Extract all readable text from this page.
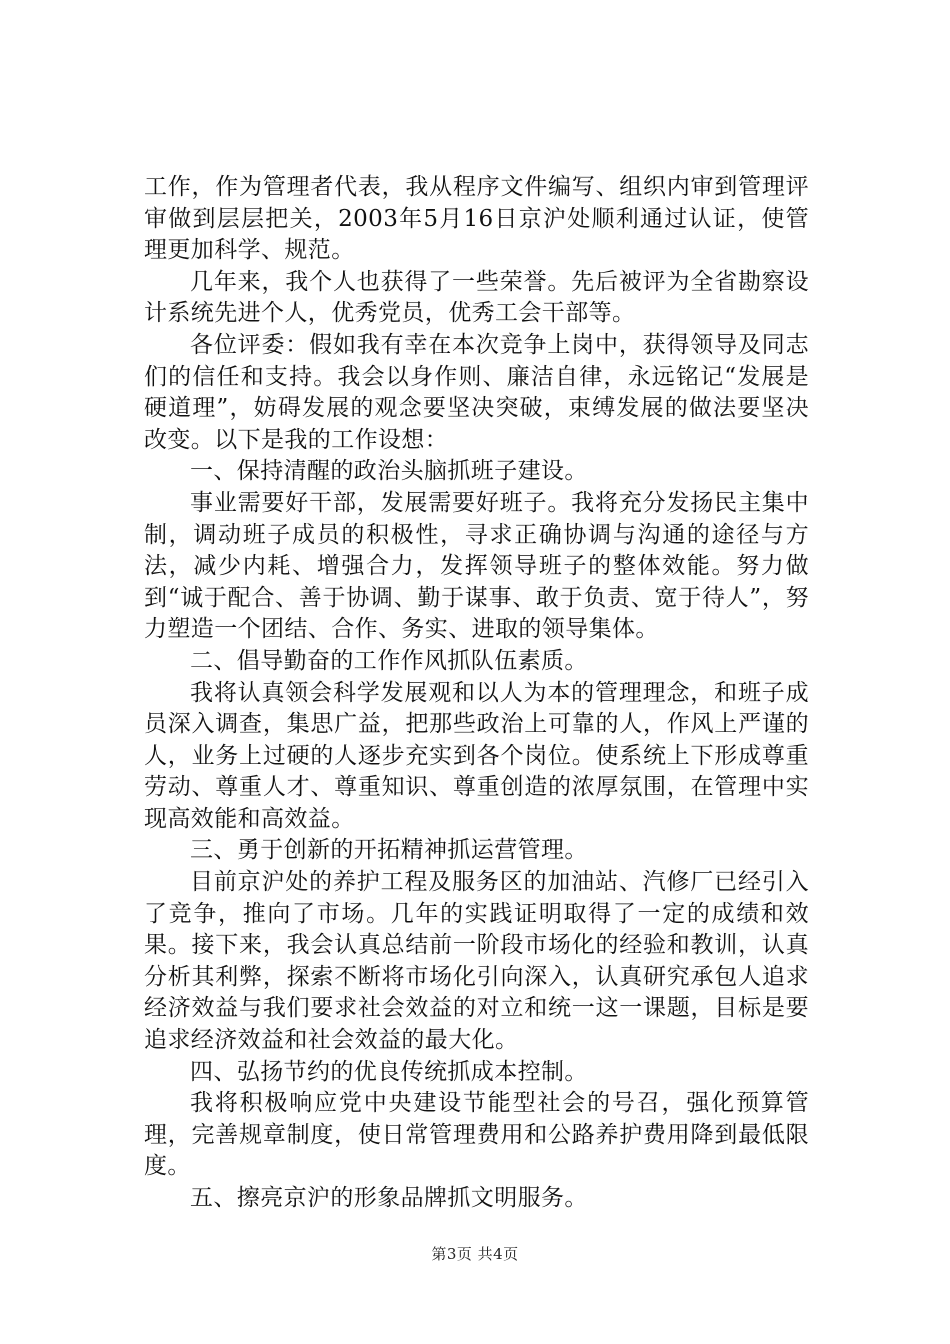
工作，作为管理者代表，我从程序文件编写、组织内审到管理评审做到层层把关，2003年5月16日京沪处顺利通过认证，使管理更加科学、规范。

几年来，我个人也获得了一些荣誉。先后被评为全省勘察设计系统先进个人，优秀党员，优秀工会干部等。

各位评委：假如我有幸在本次竞争上岗中，获得领导及同志们的信任和支持。我会以身作则、廉洁自律，永远铭记“发展是硬道理”，妨碍发展的观念要坚决突破，束缚发展的做法要坚决改变。以下是我的工作设想：

一、保持清醒的政治头脑抓班子建设。

事业需要好干部，发展需要好班子。我将充分发扬民主集中制，调动班子成员的积极性，寻求正确协调与沟通的途径与方法，减少内耗、增强合力，发挥领导班子的整体效能。努力做到“诚于配合、善于协调、勤于谋事、敢于负责、宽于待人”，努力塑造一个团结、合作、务实、进取的领导集体。

二、倡导勤奋的工作作风抓队伍素质。

我将认真领会科学发展观和以人为本的管理理念，和班子成员深入调查，集思广益，把那些政治上可靠的人，作风上严谨的人，业务上过硬的人逐步充实到各个岗位。使系统上下形成尊重劳动、尊重人才、尊重知识、尊重创造的浓厚氛围，在管理中实现高效能和高效益。

三、勇于创新的开拓精神抓运营管理。

目前京沪处的养护工程及服务区的加油站、汽修厂已经引入了竞争，推向了市场。几年的实践证明取得了一定的成绩和效果。接下来，我会认真总结前一阶段市场化的经验和教训，认真分析其利弊，探索不断将市场化引向深入，认真研究承包人追求经济效益与我们要求社会效益的对立和统一这一课题，目标是要追求经济效益和社会效益的最大化。

四、弘扬节约的优良传统抓成本控制。

我将积极响应党中央建设节能型社会的号召，强化预算管理，完善规章制度，使日常管理费用和公路养护费用降到最低限度。

五、擦亮京沪的形象品牌抓文明服务。

第3页 共4页
